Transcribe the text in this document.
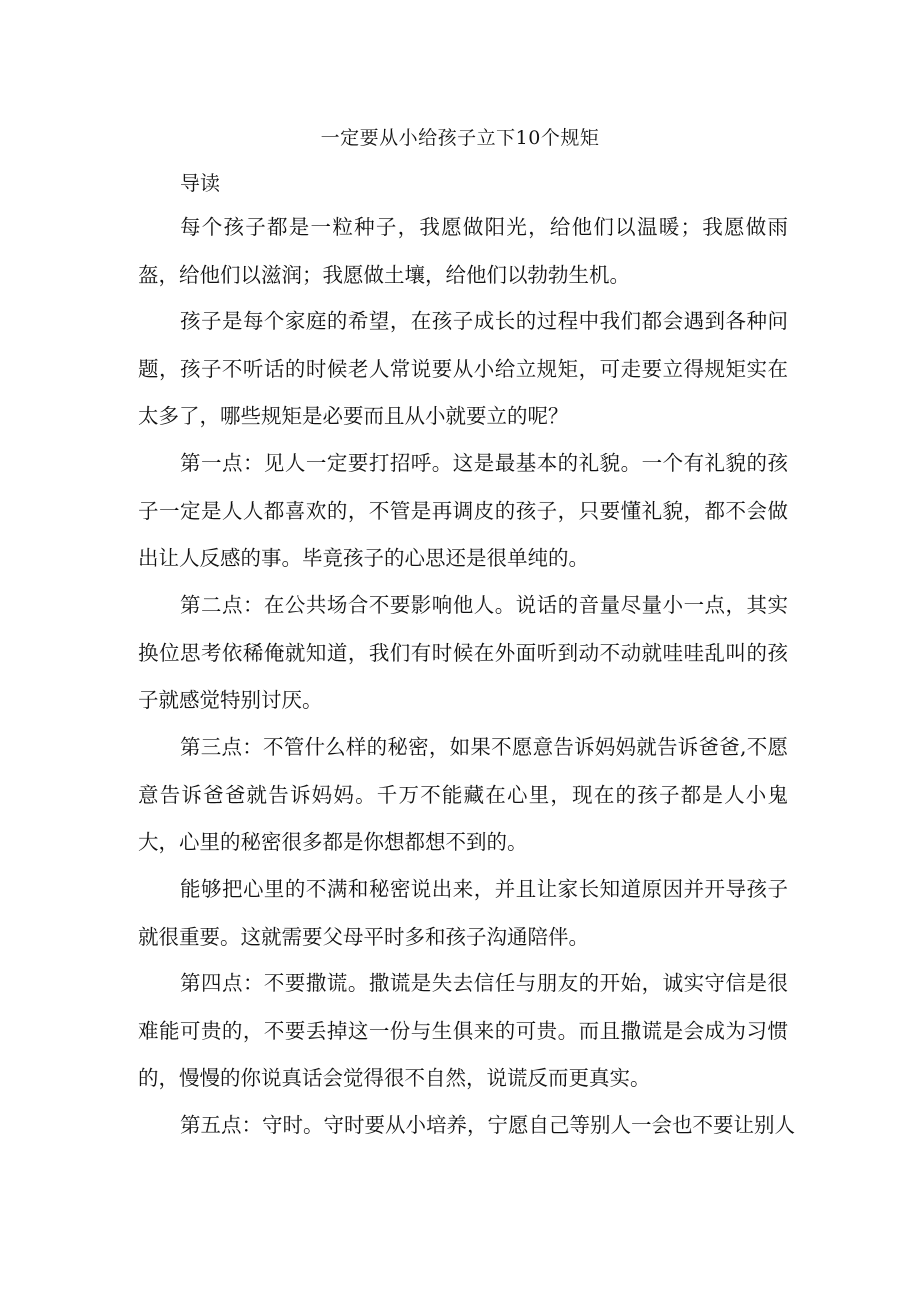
一定要从小给孩子立下10个规矩
导读

每个孩子都是一粒种子，我愿做阳光，给他们以温暖；我愿做雨盔，给他们以滋润；我愿做土壤，给他们以勃勃生机。

孩子是每个家庭的希望，在孩子成长的过程中我们都会遇到各种问题，孩子不听话的时候老人常说要从小给立规矩，可走要立得规矩实在太多了，哪些规矩是必要而且从小就要立的呢？

第一点：见人一定要打招呼。这是最基本的礼貌。一个有礼貌的孩子一定是人人都喜欢的，不管是再调皮的孩子，只要懂礼貌，都不会做出让人反感的事。毕竟孩子的心思还是很单纯的。

第二点：在公共场合不要影响他人。说话的音量尽量小一点，其实换位思考依稀俺就知道，我们有时候在外面听到动不动就哇哇乱叫的孩子就感觉特别讨厌。

第三点：不管什么样的秘密，如果不愿意告诉妈妈就告诉爸爸,不愿意告诉爸爸就告诉妈妈。千万不能藏在心里，现在的孩子都是人小鬼大，心里的秘密很多都是你想都想不到的。

能够把心里的不满和秘密说出来，并且让家长知道原因并开导孩子就很重要。这就需要父母平时多和孩子沟通陪伴。

第四点：不要撒谎。撒谎是失去信任与朋友的开始，诚实守信是很难能可贵的，不要丢掉这一份与生俱来的可贵。而且撒谎是会成为习惯的，慢慢的你说真话会觉得很不自然，说谎反而更真实。

第五点：守时。守时要从小培养，宁愿自己等别人一会也不要让别人
